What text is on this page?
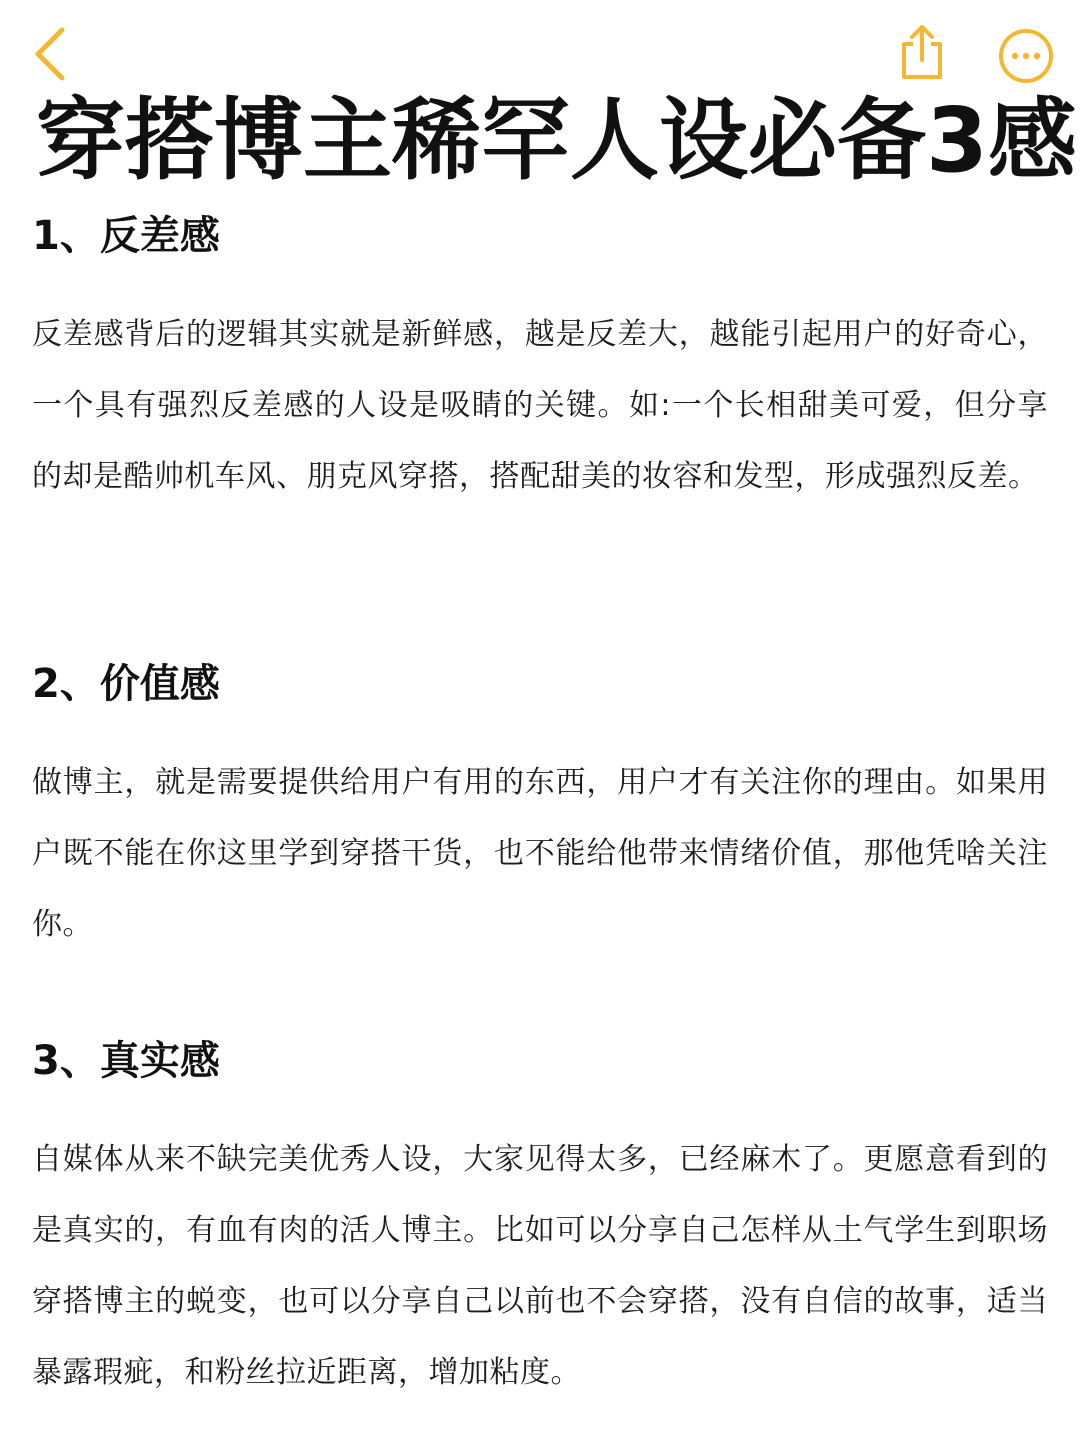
穿搭博主稀罕人设必备3感
1、反差感

反差感背后的逻辑其实就是新鲜感，越是反差大，越能引起用户的好奇心，一个具有强烈反差感的人设是吸睛的关键。如:一个长相甜美可爱，但分享的却是酷帅机车风、朋克风穿搭，搭配甜美的妆容和发型，形成强烈反差。

2、价值感

做博主，就是需要提供给用户有用的东西，用户才有关注你的理由。如果用户既不能在你这里学到穿搭干货，也不能给他带来情绪价值，那他凭啥关注你。

3、真实感

自媒体从来不缺完美优秀人设，大家见得太多，已经麻木了。更愿意看到的是真实的，有血有肉的活人博主。比如可以分享自己怎样从土气学生到职场穿搭博主的蜕变，也可以分享自己以前也不会穿搭，没有自信的故事，适当暴露瑕疵，和粉丝拉近距离，增加粘度。
